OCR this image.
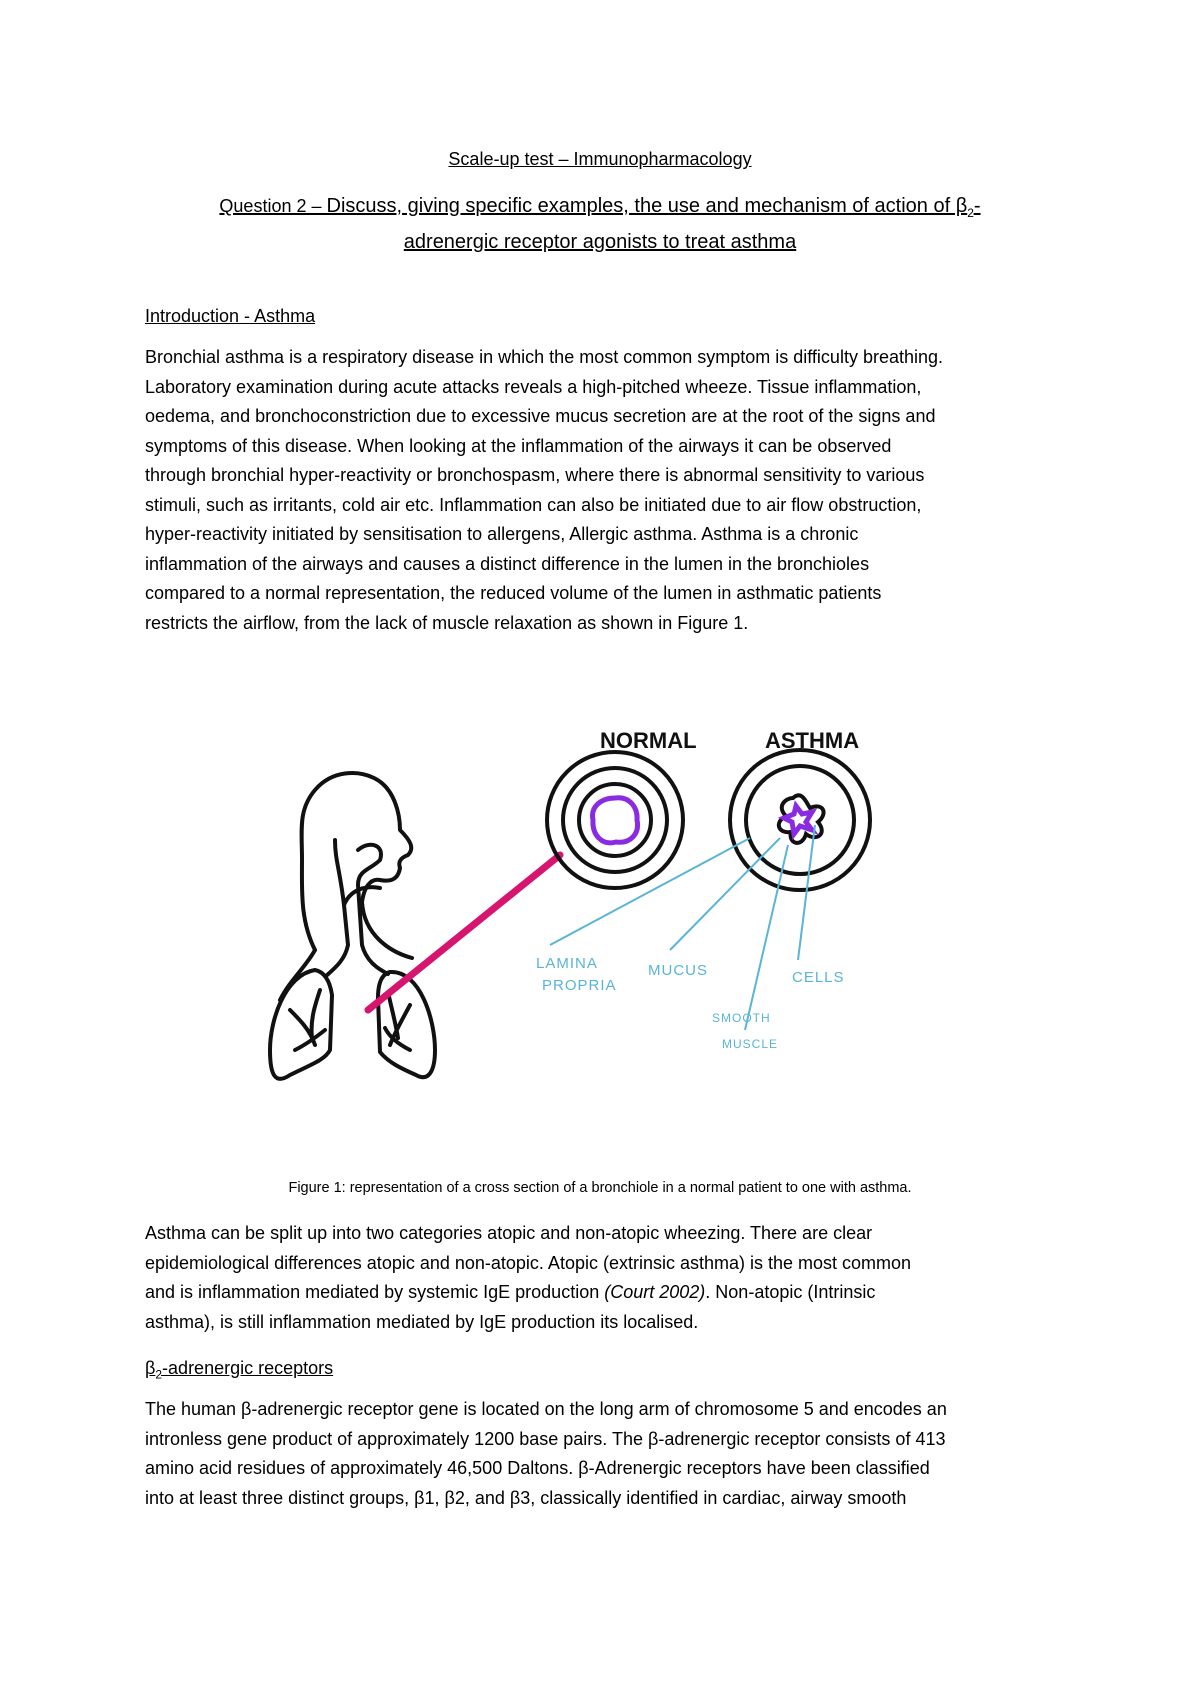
Scale-up test – Immunopharmacology
Question 2 – Discuss, giving specific examples, the use and mechanism of action of $\beta_2-$
adrenergic receptor agonists to treat asthma
Introduction - Asthma
Bronchial asthma is a respiratory disease in which the most common symptom is difficulty breathing.
Laboratory examination during acute attacks reveals a high-pitched wheeze. Tissue inflammation,
oedema, and bronchoconstriction due to excessive mucus secretion are at the root of the signs and
symptoms of this disease. When looking at the inflammation of the airways it can be observed
through bronchial hyper-reactivity or bronchospasm, where there is abnormal sensitivity to various
stimuli, such as irritants, cold air etc. Inflammation can also be initiated due to air flow obstruction,
hyper-reactivity initiated by sensitisation to allergens, Allergic asthma. Asthma is a chronic
inflammation of the airways and causes a distinct difference in the lumen in the bronchioles
compared to a normal representation, the reduced volume of the lumen in asthmatic patients
restricts the airflow, from the lack of muscle relaxation as shown in Figure 1.
NORMAL	ASTHMA
LAMINA
PROPRIA
MUCUS	CELLS
SMOOTH
MUSCLE
Figure 1: representation of a cross section of a bronchiole in a normal patient to one with asthma.
Asthma can be split up into two categories atopic and non-atopic wheezing. There are clear
epidemiological differences atopic and non-atopic. Atopic (extrinsic asthma) is the most common
and is inflammation mediated by systemic IgE production (Court 2002). Non-atopic (Intrinsic
asthma), is still inflammation mediated by IgE production its localised.
$\beta_2$-adrenergic receptors
The human β-adrenergic receptor gene is located on the long arm of chromosome 5 and encodes an
intronless gene product of approximately 1200 base pairs. The β-adrenergic receptor consists of 413
amino acid residues of approximately 46,500 Daltons. β-Adrenergic receptors have been classified
into at least three distinct groups, β1, β2, and β3, classically identified in cardiac, airway smooth
